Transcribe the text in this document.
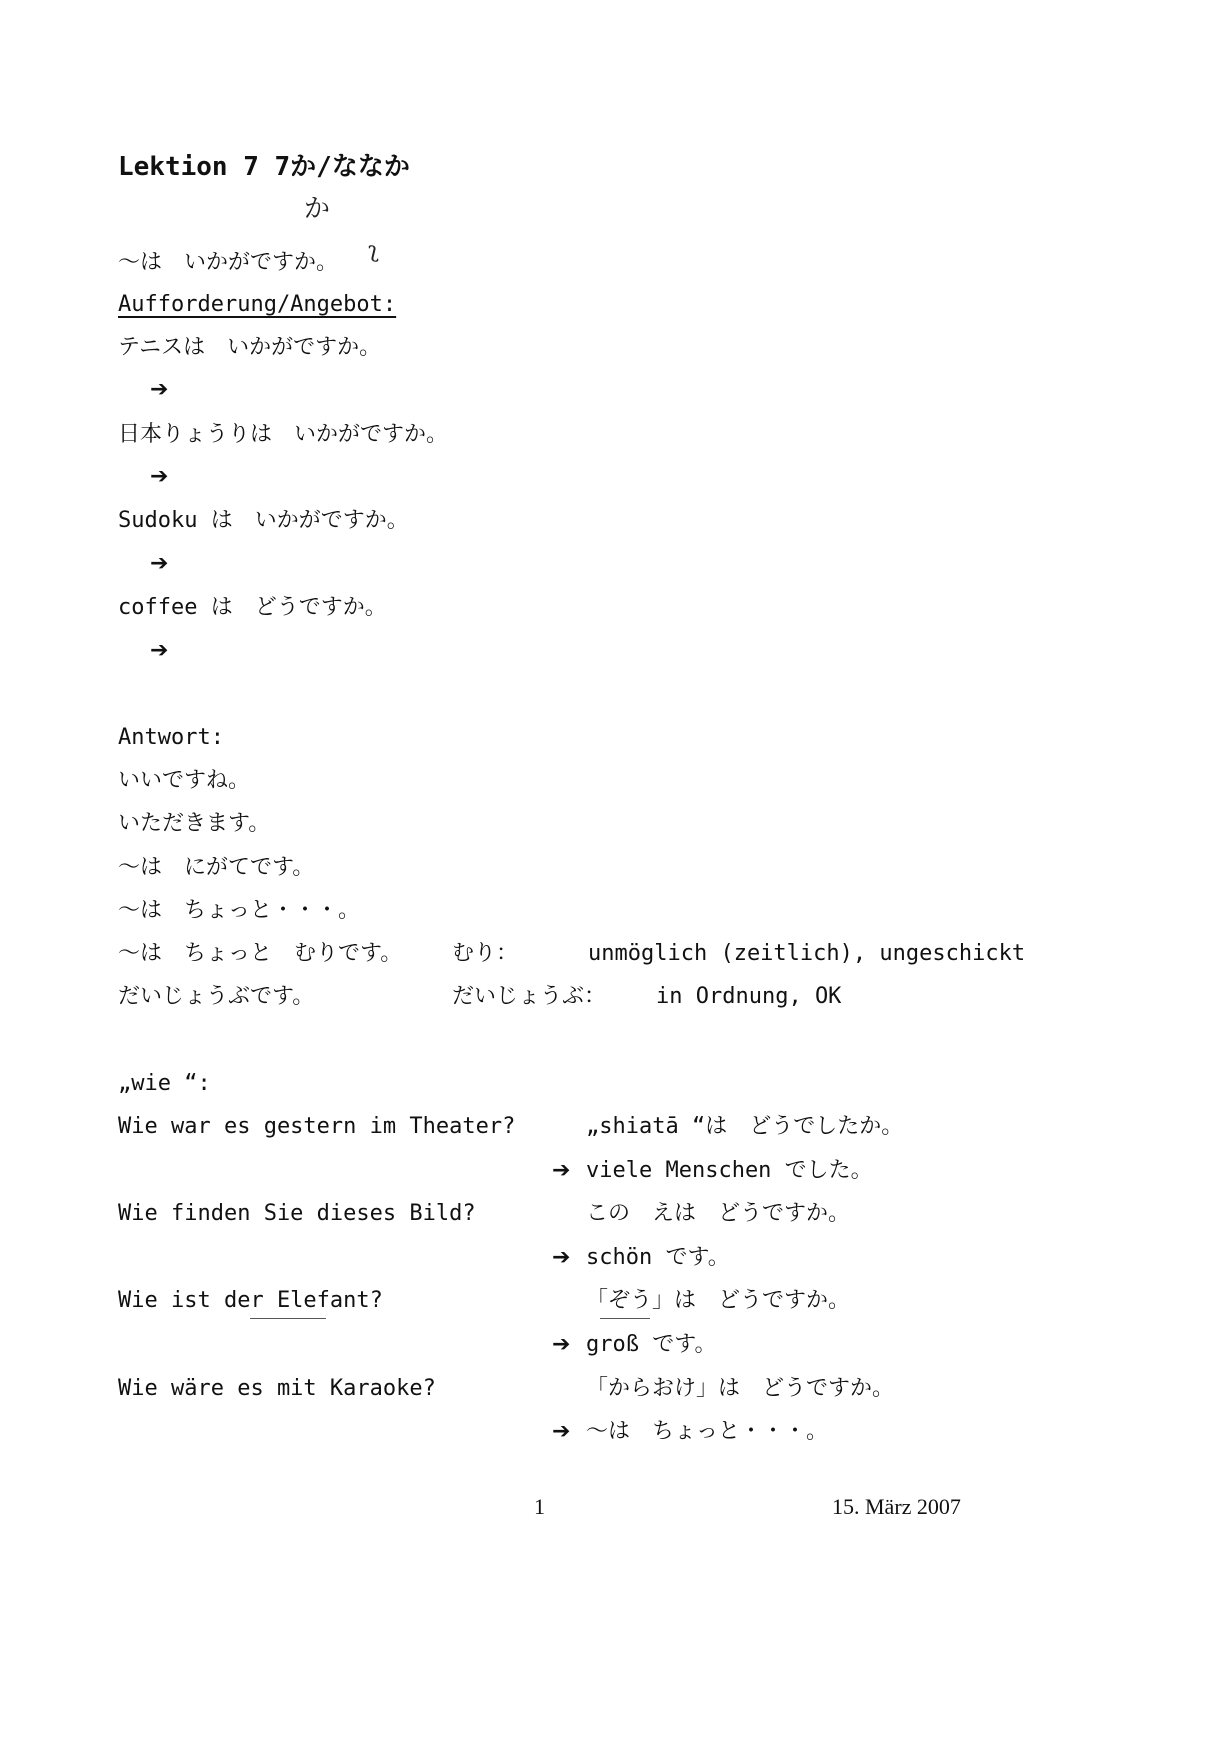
Lektion 7 7か/ななか
か
ʅ
～は　いかがですか。
Aufforderung/Angebot:
テニスは　いかがですか。
➔
日本りょうりは　いかがですか。
➔
Sudoku は　いかがですか。
➔
coffee は　どうですか。
➔
Antwort:
いいですね。
いただきます。
～は　にがてです。
～は　ちょっと・・・。
～は　ちょっと　むりです。
だいじょうぶです。
むり：	unmöglich (zeitlich), ungeschickt
だいじょうぶ： in Ordnung, OK
„wie “:
Wie war es gestern im Theater?	„shiatā “は　どうでしたか。
➔ viele Menschen でした。
Wie finden Sie dieses Bild?	この　えは　どうですか。
➔ schön です。
Wie ist der Elefant?	「ぞう」は　どうですか。
➔ groß です。
Wie wäre es mit Karaoke?	「からおけ」は　どうですか。
➔ ～は　ちょっと・・・。
1	15. März 2007
